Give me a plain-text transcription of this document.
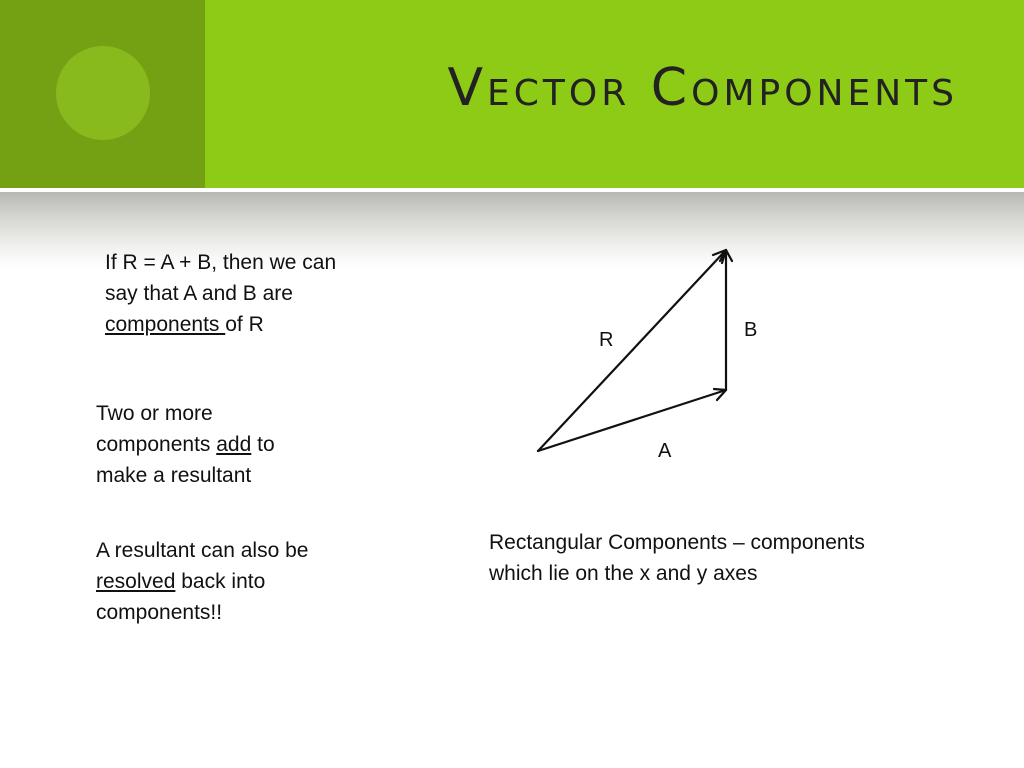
Vector Components
If R = A + B, then we can
say that A and B are
components of R
Two or more
components add to
make a resultant
A resultant can also be
resolved back into
components!!
R	B
A
Rectangular Components – components
which lie on the x and y axes
